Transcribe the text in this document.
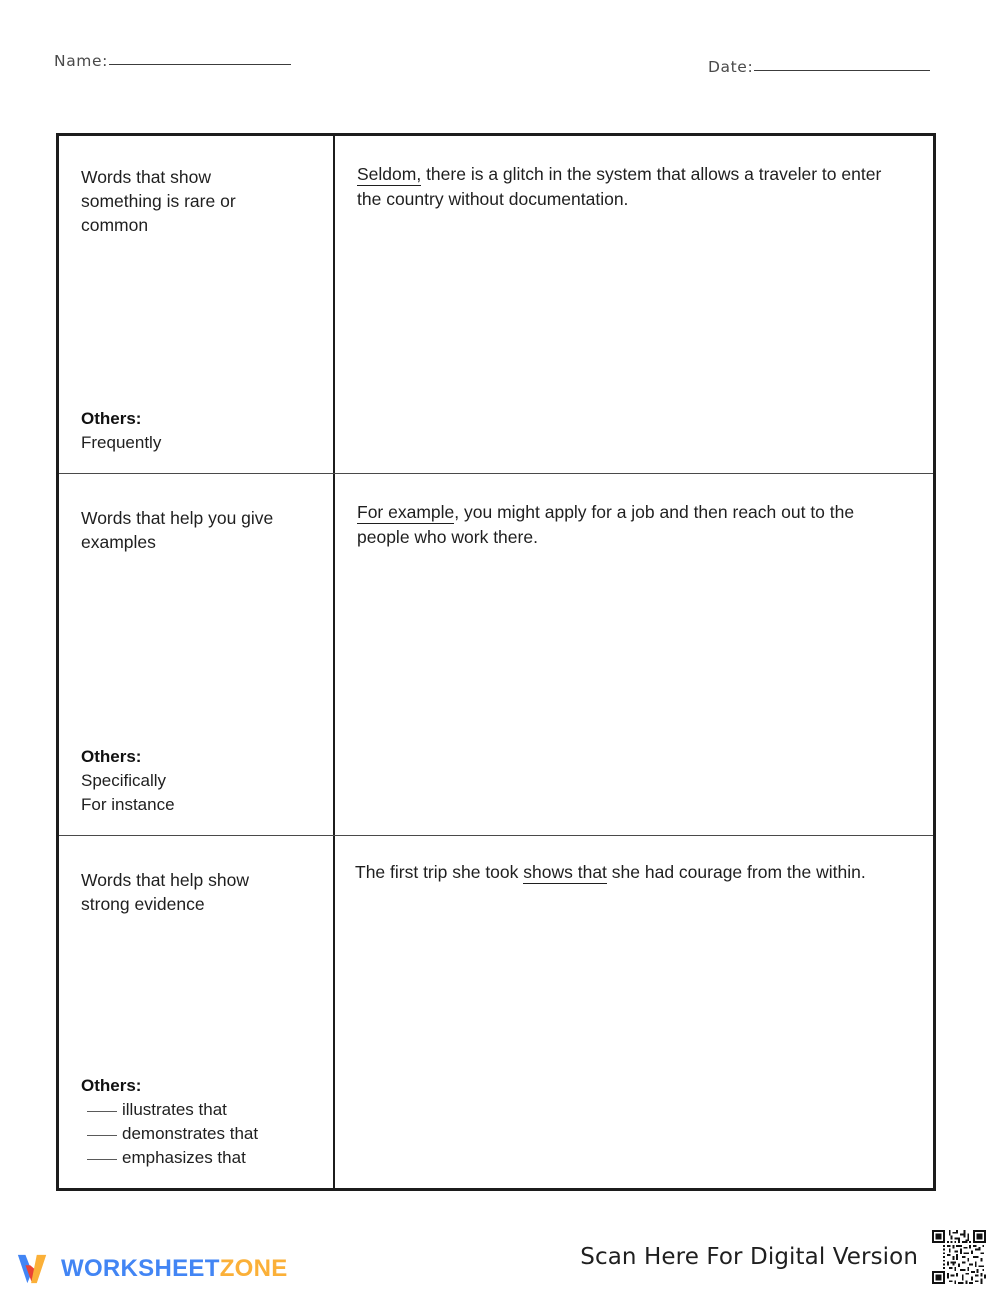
Name:	Date:
Words that show something is rare or common
Others:
Frequently
Seldom, there is a glitch in the system that allows a traveler to enter the country without documentation.
Words that help you give examples
Others:
Specifically
For instance
For example, you might apply for a job and then reach out to the people who work there.
Words that help show strong evidence
Others:
illustrates that
demonstrates that
emphasizes that
The first trip she took shows that she had courage from the within.
WORKSHEETZONE	Scan Here For Digital Version
